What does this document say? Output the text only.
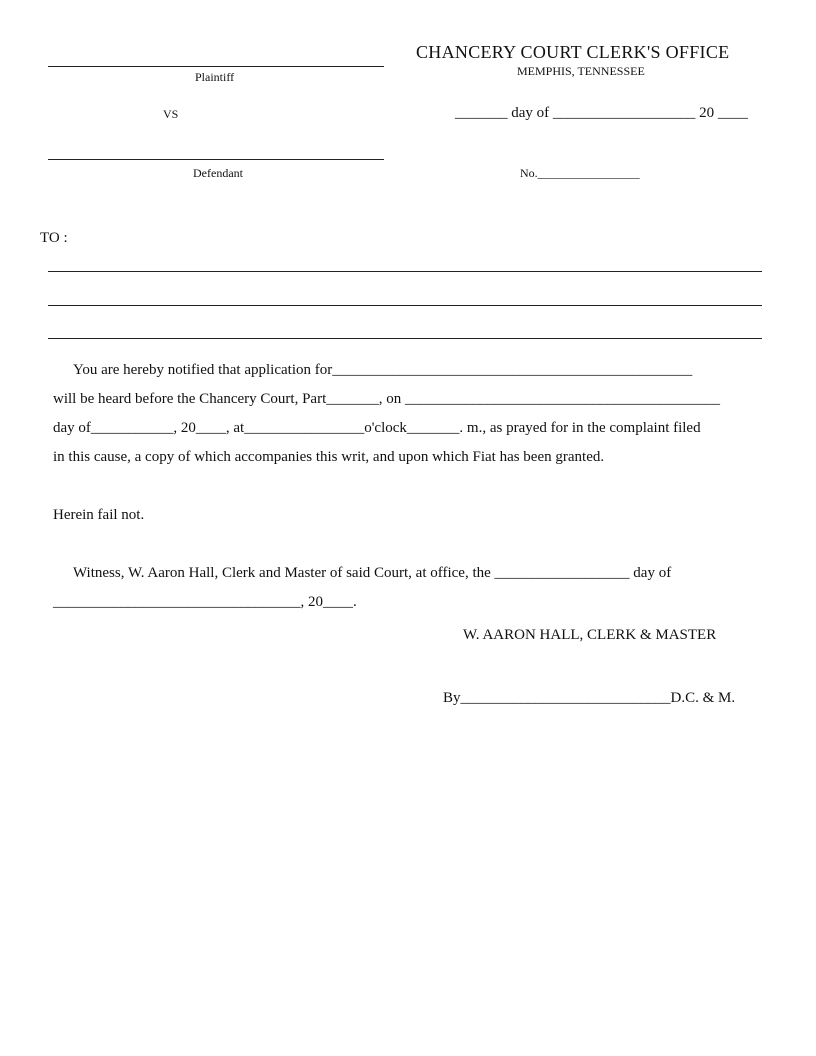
Plaintiff
VS
Defendant
CHANCERY COURT CLERK'S OFFICE
MEMPHIS, TENNESSEE
_______ day of ___________________ 20 ____
No._________________
TO :
You are hereby notified that application for________________________________________________
will be heard before the Chancery Court, Part_______, on __________________________________________
day of___________, 20____, at________________o'clock_______. m., as prayed for in the complaint filed
in this cause, a copy of which accompanies this writ, and upon which Fiat has been granted.
Herein fail not.
Witness, W. Aaron Hall, Clerk and Master of said Court, at office, the __________________ day of
_________________________________, 20____.
W. AARON HALL, CLERK & MASTER
By____________________________D.C. & M.
